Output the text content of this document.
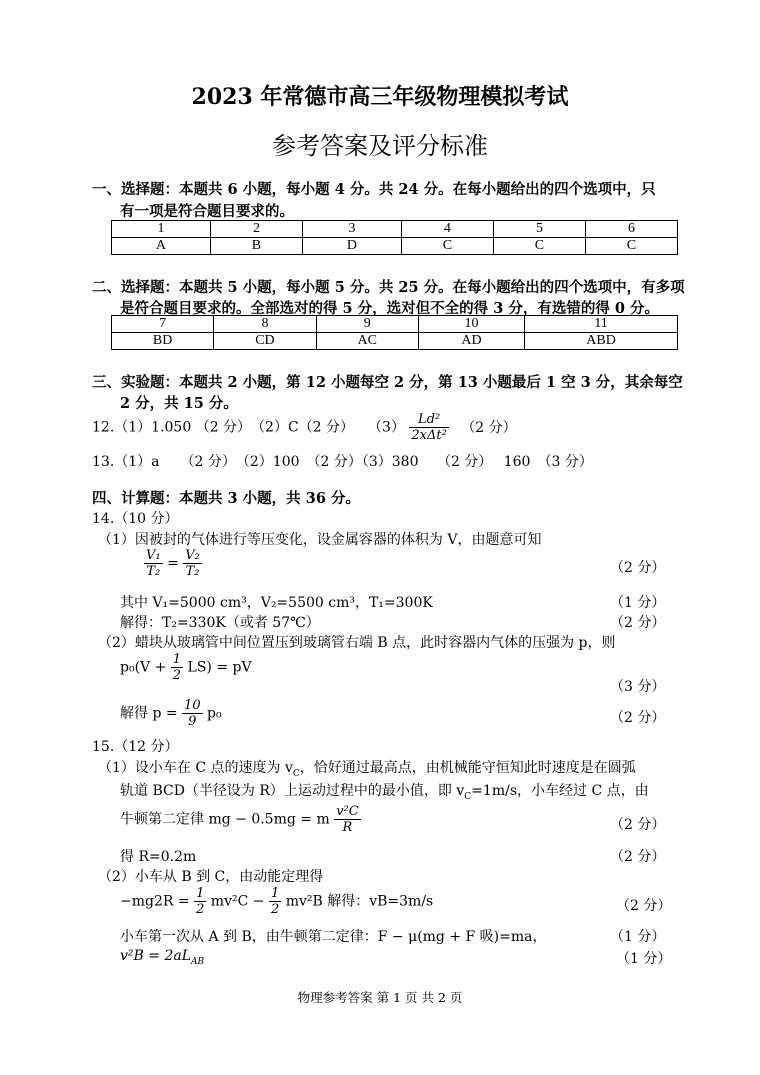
2023 年常德市高三年级物理模拟考试
参考答案及评分标准
一、选择题：本题共 6 小题，每小题 4 分。共 24 分。在每小题给出的四个选项中，只
有一项是符合题目要求的。
1	2	3	4	5	6
A	B	D	C	C	C
二、选择题：本题共 5 小题，每小题 5 分。共 25 分。在每小题给出的四个选项中，有多项
是符合题目要求的。全部选对的得 5 分，选对但不全的得 3 分，有选错的得 0 分。
7	8	9	10	11
BD	CD	AC	AD	ABD
三、实验题：本题共 2 小题，第 12 小题每空 2 分，第 13 小题最后 1 空 3 分，其余每空
2 分，共 15 分。
12.（1）1.050 （2 分）　（2）C（2 分）　　$(3) \frac{\text{Ld²}}{\text{2xΔt²}} (2$ 分）
13.（1）a　　（2 分）　（2）100　（2 分）（3）380　 （2 分）　 160　（3 分）
四、计算题：本题共 3 小题，共 36 分。
14.（10 分）
（1）因被封的气体进行等压变化，设金属容器的体积为 V，由题意可知
$\frac{\text{V₁}}{\text{T₂}} = \frac{\text{V₂}}{\text{T₂}}$	（2 分）
其中 V₁=5000 cm³，V₂=5500 cm³，T₁=300K	（1 分）
解得：T₂=330K（或者 57℃）	（2 分）
（2）蜡块从玻璃管中间位置压到玻璃管右端 B 点，此时容器内气体的压强为 p，则
$p_0(V + \frac{1}{2} LS)$ = pV
（3 分）
解得 $p = \frac{10}{9} p_0$	（2 分）
15.（12 分）
（1）设小车在 C 点的速度为 $v_C$，恰好通过最高点，由机械能守恒知此时速度是在圆弧
轨道 BCD（半径设为 R）上运动过程中的最小值，即 $v_C=1m/s$，小车经过 C 点，由
牛顿第二定律 mg − 0.5mg = m $\frac{\text{v²C}}{R}$	（2 分）
得 R=0.2m	（2 分）
（2）小车从 B 到 C，由动能定理得
$-mg2R = \frac{1}{2} mv^2C - \frac{1}{2} mv^2B$ 解得：vB=3m/s	（2 分）
小车第一次从 A 到 B，由牛顿第二定律：F − μ(mg + F 吸)=ma，	（1 分）
$v^2B = 2aL_{AB}$	（1 分）
物理参考答案 第 1 页 共 2 页
